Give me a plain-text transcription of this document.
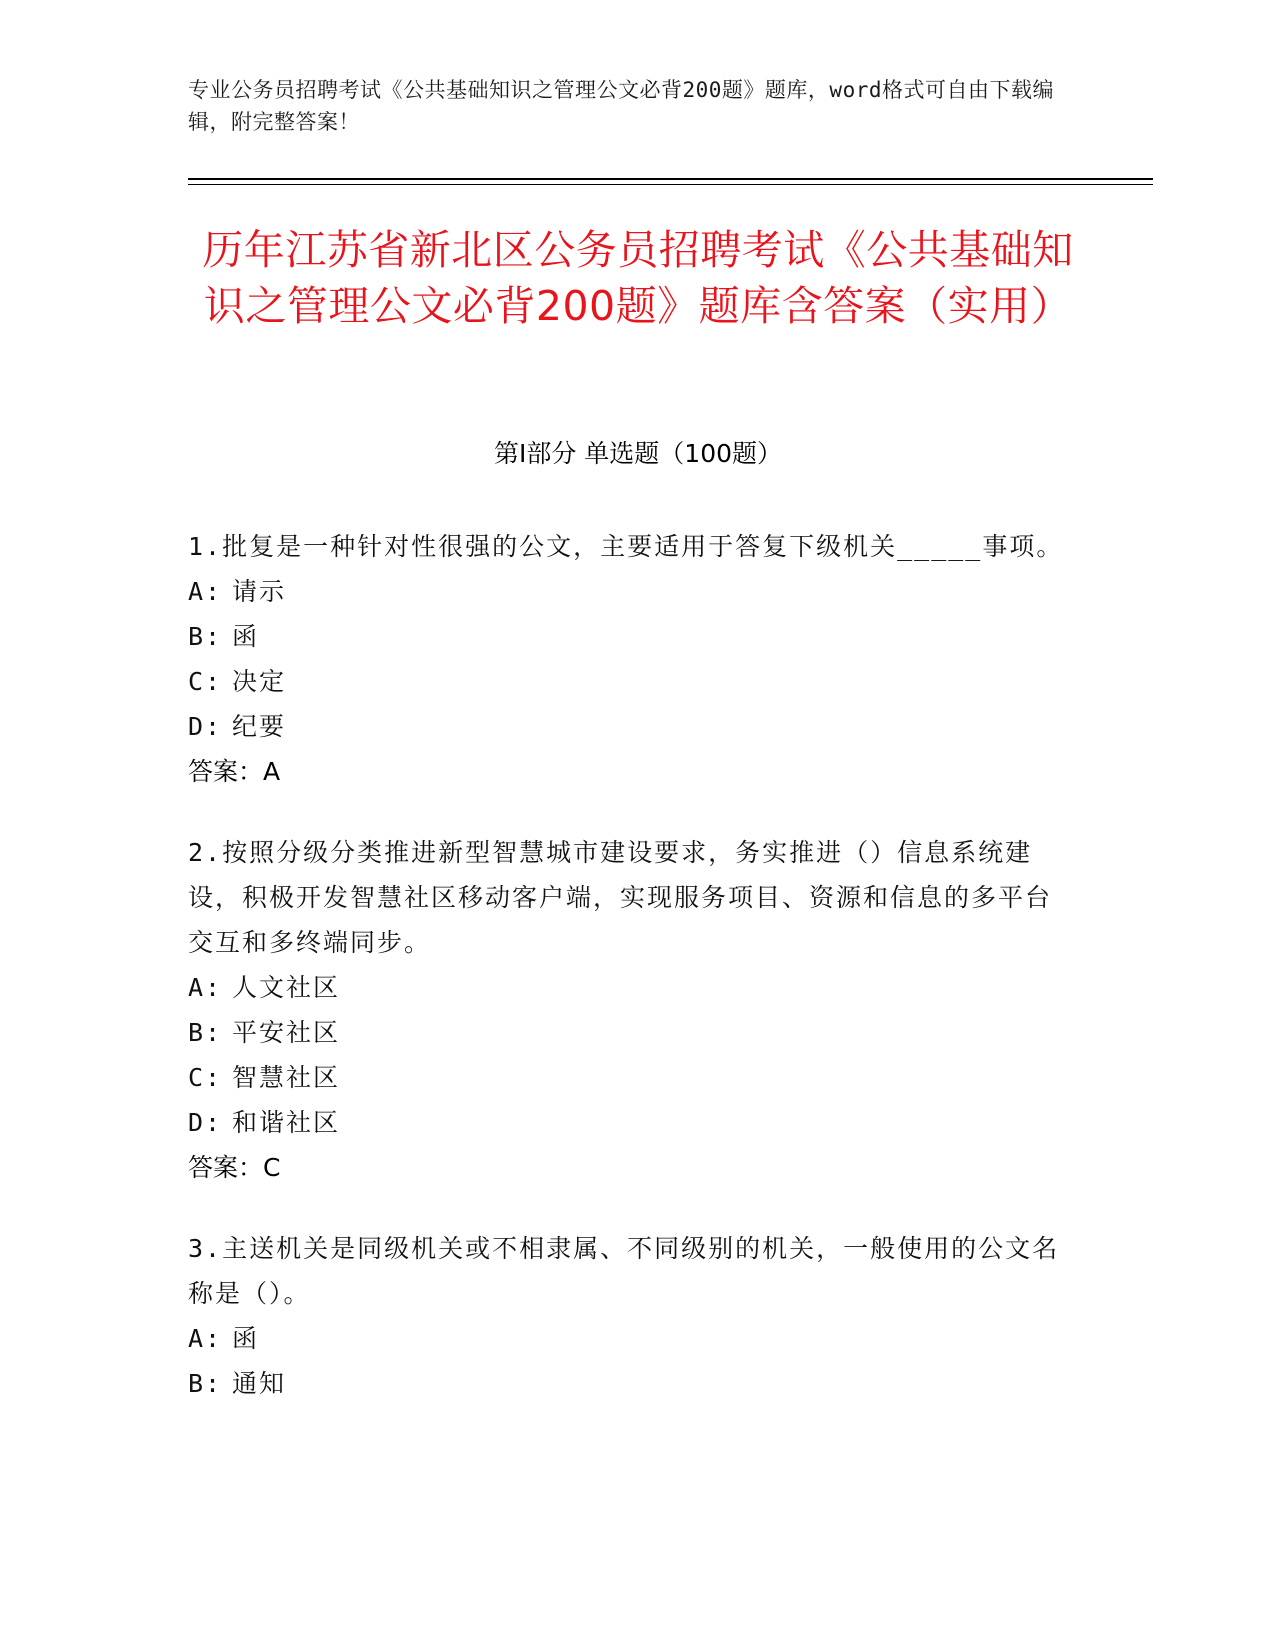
专业公务员招聘考试《公共基础知识之管理公文必背200题》题库，word格式可自由下载编辑，附完整答案！
历年江苏省新北区公务员招聘考试《公共基础知识之管理公文必背200题》题库含答案（实用）
第Ⅰ部分 单选题（100题）
1.批复是一种针对性很强的公文，主要适用于答复下级机关_____事项。
A: 请示
B: 函
C: 决定
D: 纪要
答案：A
2.按照分级分类推进新型智慧城市建设要求，务实推进（）信息系统建设，积极开发智慧社区移动客户端，实现服务项目、资源和信息的多平台交互和多终端同步。
A: 人文社区
B: 平安社区
C: 智慧社区
D: 和谐社区
答案：C
3.主送机关是同级机关或不相隶属、不同级别的机关，一般使用的公文名称是（）。
A: 函
B: 通知
